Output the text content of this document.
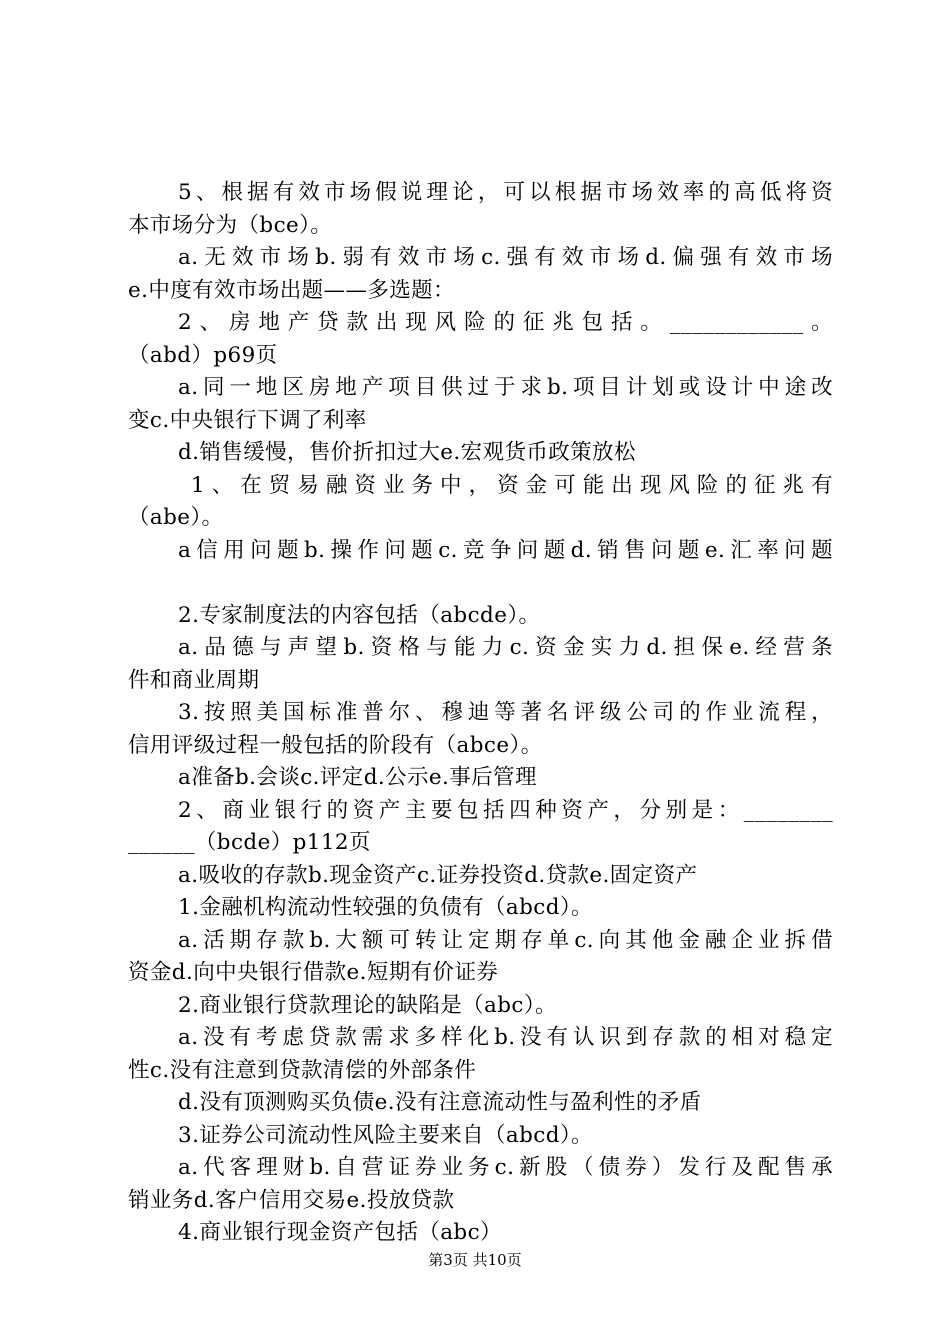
5、根据有效市场假说理论，可以根据市场效率的高低将资
本市场分为（bce）。
a.无效市场b.弱有效市场c.强有效市场d.偏强有效市场
e.中度有效市场出题——多选题：
2、房地产贷款出现风险的征兆包括。____________。
（abd）p69页
a.同一地区房地产项目供过于求b.项目计划或设计中途改
变c.中央银行下调了利率
d.销售缓慢，售价折扣过大e.宏观货币政策放松
1、在贸易融资业务中，资金可能出现风险的征兆有
（abe）。
a信用问题b.操作问题c.竞争问题d.销售问题e.汇率问题
2.专家制度法的内容包括（abcde）。
a.品德与声望b.资格与能力c.资金实力d.担保e.经营条
件和商业周期
3.按照美国标准普尔、穆迪等著名评级公司的作业流程，
信用评级过程一般包括的阶段有（abce）。
a准备b.会谈c.评定d.公示e.事后管理
2、商业银行的资产主要包括四种资产，分别是：________
______（bcde）p112页
a.吸收的存款b.现金资产c.证券投资d.贷款e.固定资产
1.金融机构流动性较强的负债有（abcd）。
a.活期存款b.大额可转让定期存单c.向其他金融企业拆借
资金d.向中央银行借款e.短期有价证券
2.商业银行贷款理论的缺陷是（abc）。
a.没有考虑贷款需求多样化b.没有认识到存款的相对稳定
性c.没有注意到贷款清偿的外部条件
d.没有顶测购买负债e.没有注意流动性与盈利性的矛盾
3.证券公司流动性风险主要来自（abcd）。
a.代客理财b.自营证券业务c.新股（债券）发行及配售承
销业务d.客户信用交易e.投放贷款
4.商业银行现金资产包括（abc）
第3页 共10页
